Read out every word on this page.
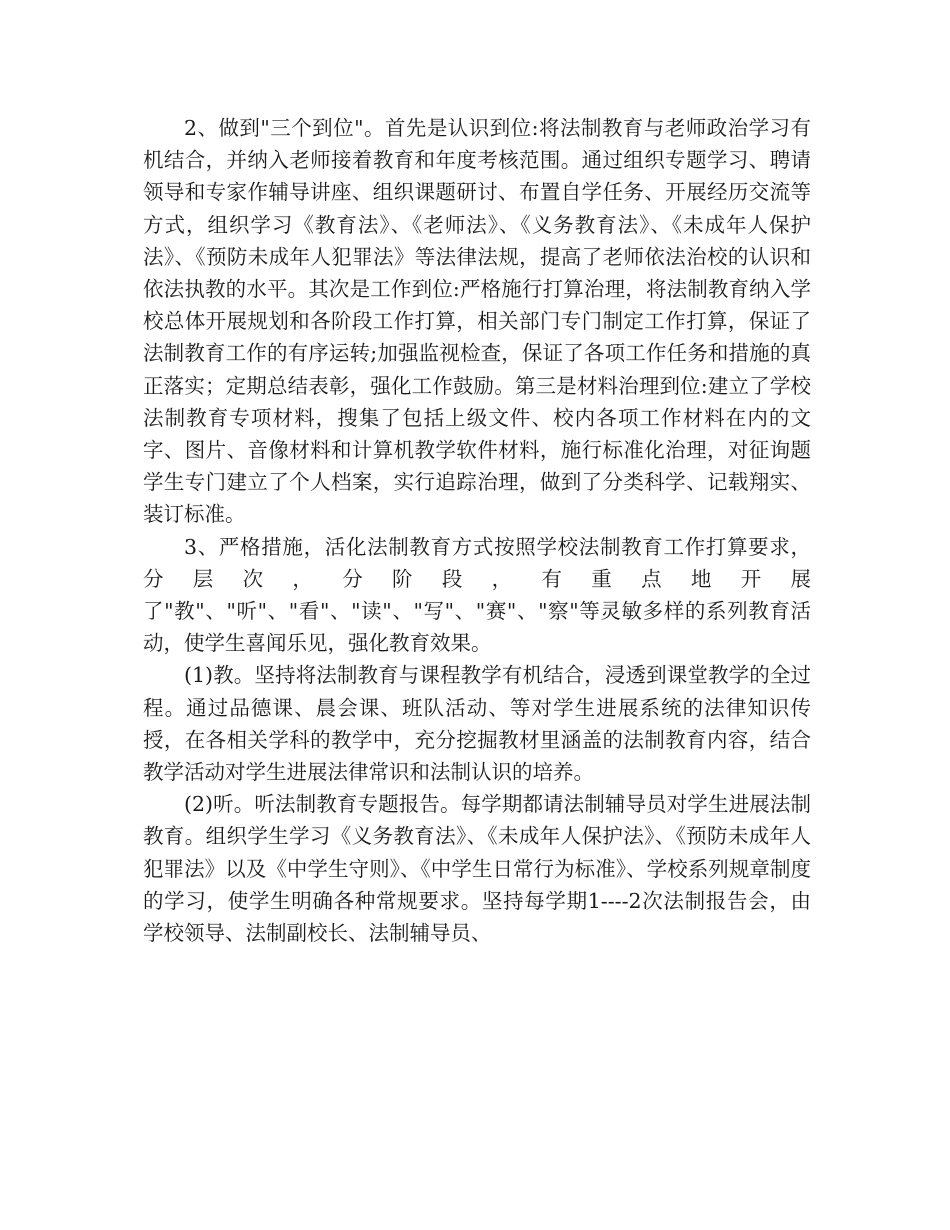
2、做到"三个到位"。首先是认识到位:将法制教育与老师政治学习有机结合，并纳入老师接着教育和年度考核范围。通过组织专题学习、聘请领导和专家作辅导讲座、组织课题研讨、布置自学任务、开展经历交流等方式，组织学习《教育法》、《老师法》、《义务教育法》、《未成年人保护法》、《预防未成年人犯罪法》等法律法规，提高了老师依法治校的认识和依法执教的水平。其次是工作到位:严格施行打算治理，将法制教育纳入学校总体开展规划和各阶段工作打算，相关部门专门制定工作打算，保证了法制教育工作的有序运转;加强监视检查，保证了各项工作任务和措施的真正落实；定期总结表彰，强化工作鼓励。第三是材料治理到位:建立了学校法制教育专项材料，搜集了包括上级文件、校内各项工作材料在内的文字、图片、音像材料和计算机教学软件材料，施行标准化治理，对征询题学生专门建立了个人档案，实行追踪治理，做到了分类科学、记载翔实、装订标准。

3、严格措施，活化法制教育方式按照学校法制教育工作打算要求，分层次，分阶段，有重点地开展了"教"、"听"、"看"、"读"、"写"、"赛"、"察"等灵敏多样的系列教育活动，使学生喜闻乐见，强化教育效果。

(1)教。坚持将法制教育与课程教学有机结合，浸透到课堂教学的全过程。通过品德课、晨会课、班队活动、等对学生进展系统的法律知识传授，在各相关学科的教学中，充分挖掘教材里涵盖的法制教育内容，结合教学活动对学生进展法律常识和法制认识的培养。

(2)听。听法制教育专题报告。每学期都请法制辅导员对学生进展法制教育。组织学生学习《义务教育法》、《未成年人保护法》、《预防未成年人犯罪法》以及《中学生守则》、《中学生日常行为标准》、学校系列规章制度的学习，使学生明确各种常规要求。坚持每学期1----2次法制报告会，由学校领导、法制副校长、法制辅导员、
